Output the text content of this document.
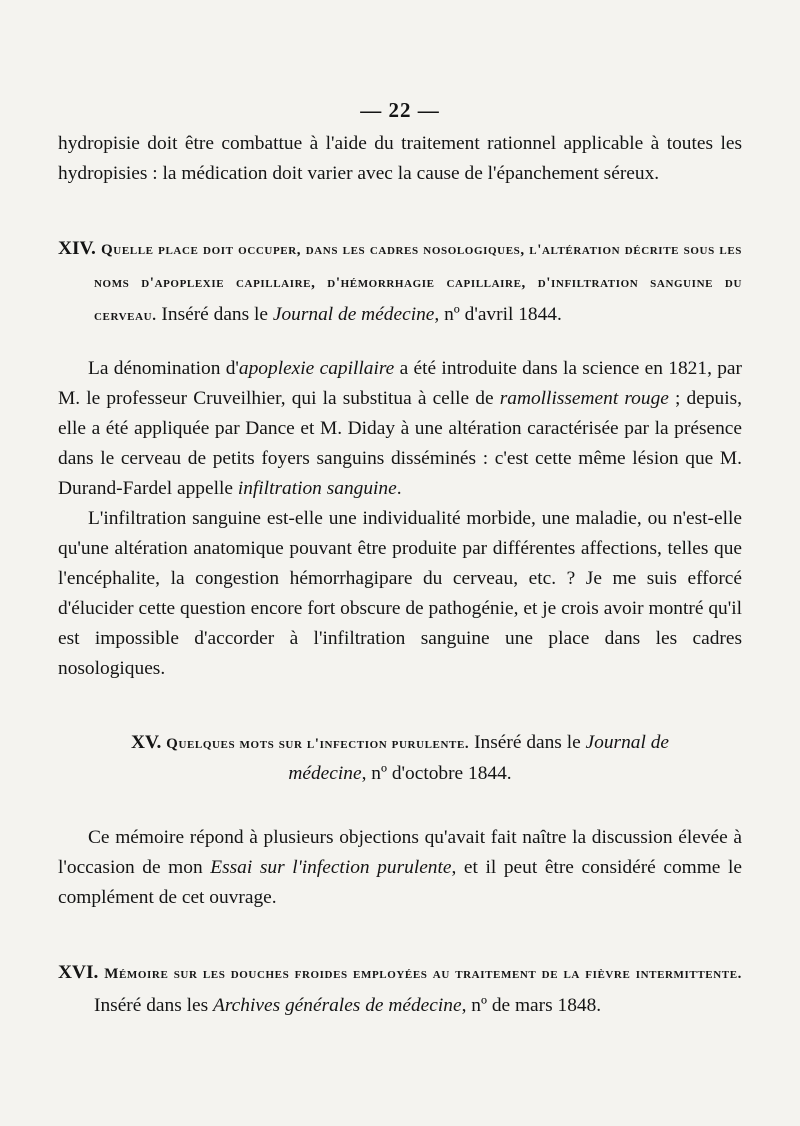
— 22 —

hydropisie doit être combattue à l'aide du traitement rationnel applicable à toutes les hydropisies : la médication doit varier avec la cause de l'épanchement séreux.

XIV. Quelle place doit occuper, dans les cadres nosologiques, l'altération décrite sous les noms d'apoplexie capillaire, d'hémorrhagie capillaire, d'infiltration sanguine du cerveau. Inséré dans le Journal de médecine, nº d'avril 1844.

La dénomination d'apoplexie capillaire a été introduite dans la science en 1821, par M. le professeur Cruveilhier, qui la substitua à celle de ramollissement rouge ; depuis, elle a été appliquée par Dance et M. Diday à une altération caractérisée par la présence dans le cerveau de petits foyers sanguins disséminés : c'est cette même lésion que M. Durand-Fardel appelle infiltration sanguine.

L'infiltration sanguine est-elle une individualité morbide, une maladie, ou n'est-elle qu'une altération anatomique pouvant être produite par différentes affections, telles que l'encéphalite, la congestion hémorrhagipare du cerveau, etc. ? Je me suis efforcé d'élucider cette question encore fort obscure de pathogénie, et je crois avoir montré qu'il est impossible d'accorder à l'infiltration sanguine une place dans les cadres nosologiques.

XV. Quelques mots sur l'infection purulente. Inséré dans le Journal de médecine, nº d'octobre 1844.

Ce mémoire répond à plusieurs objections qu'avait fait naître la discussion élevée à l'occasion de mon Essai sur l'infection purulente, et il peut être considéré comme le complément de cet ouvrage.

XVI. Mémoire sur les douches froides employées au traitement de la fièvre intermittente. Inséré dans les Archives générales de médecine, nº de mars 1848.
